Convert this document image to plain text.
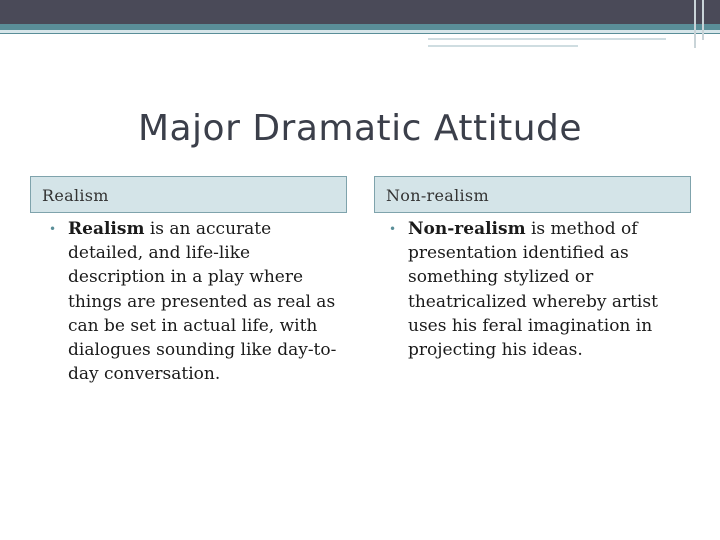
Major Dramatic Attitude
Realism	Non-realism
• Realism is an accurate detailed, and life-like description in a play where things are presented as real as can be set in actual life, with dialogues sounding like day-to-day conversation.
• Non-realism is method of presentation identified as something stylized or theatricalized whereby artist uses his feral imagination in projecting his ideas.
